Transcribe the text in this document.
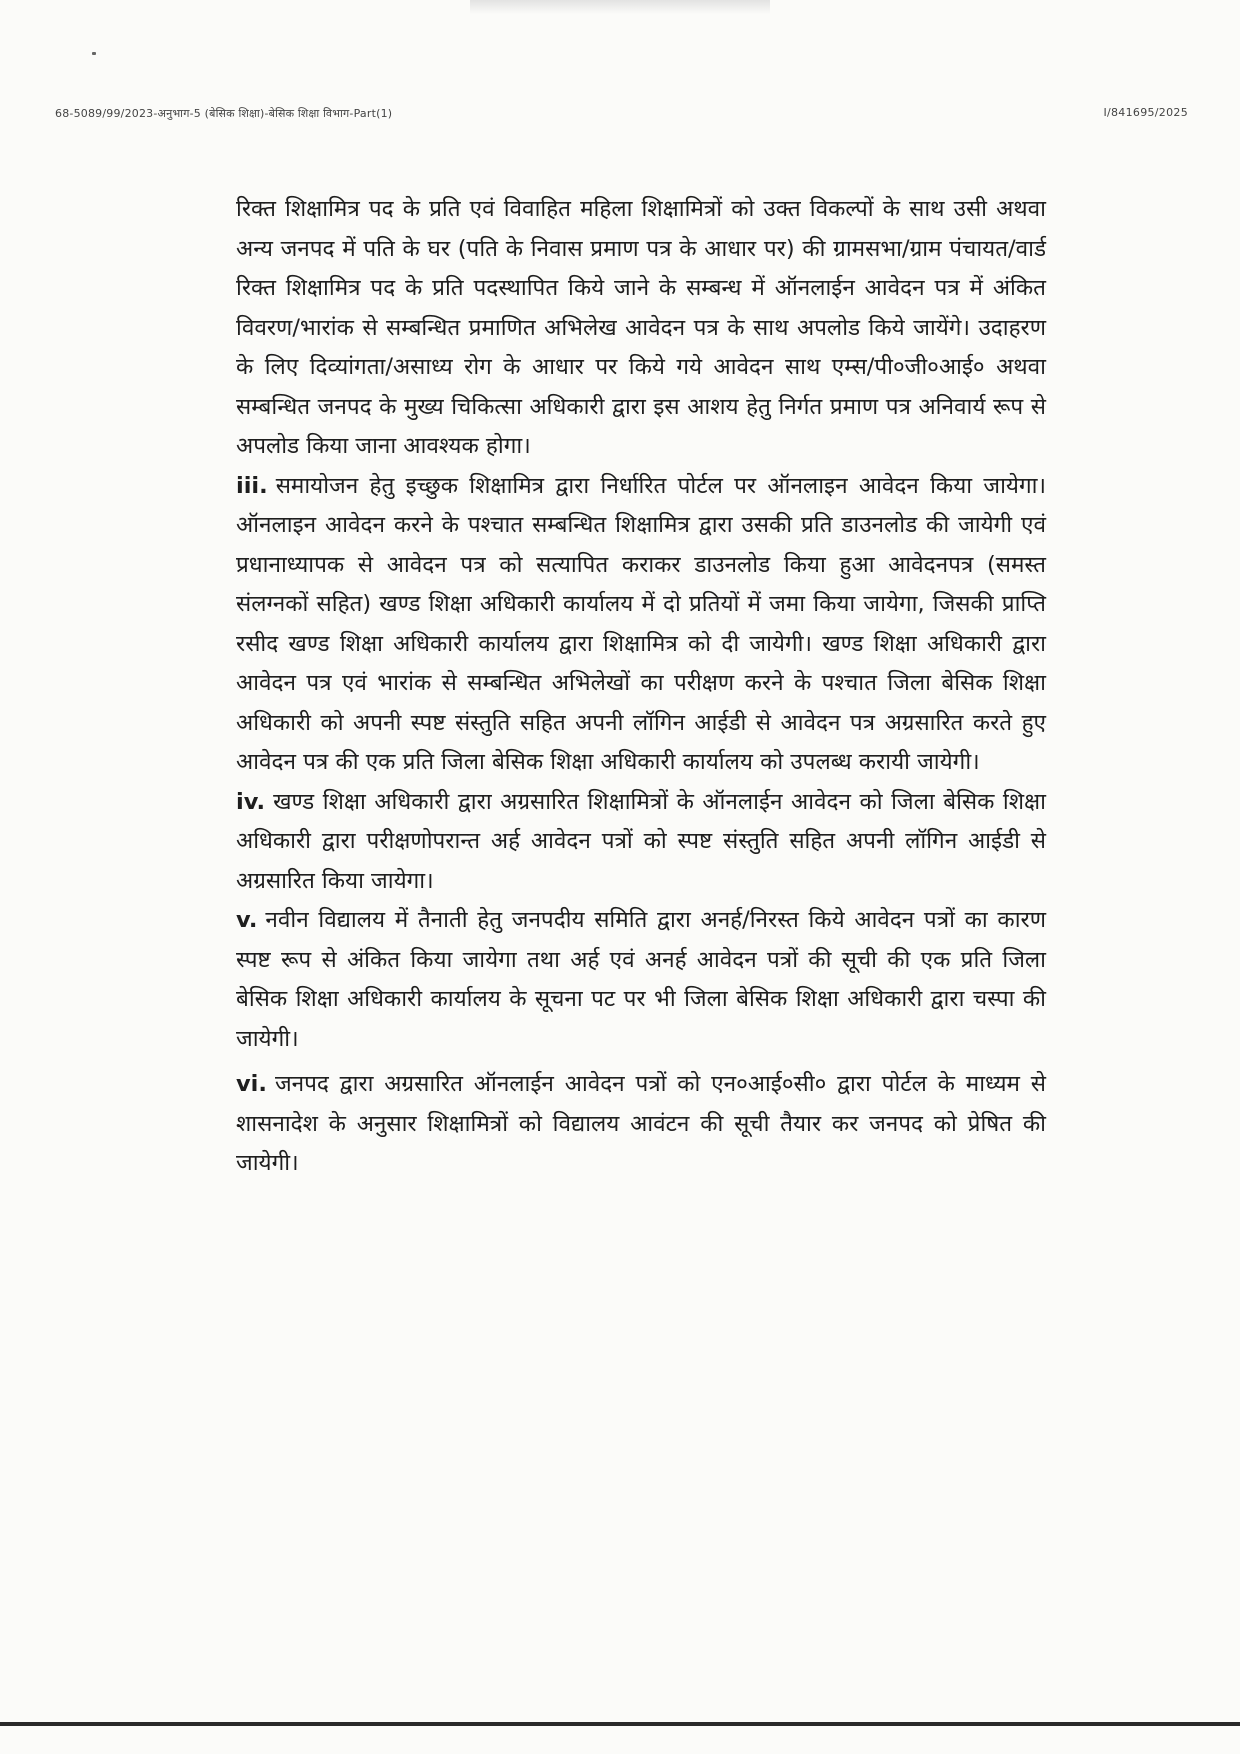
68-5089/99/2023-अनुभाग-5 (बेसिक शिक्षा)-बेसिक शिक्षा विभाग-Part(1)	I/841695/2025

रिक्त शिक्षामित्र पद के प्रति एवं विवाहित महिला शिक्षामित्रों को उक्त विकल्पों के साथ उसी अथवा अन्य जनपद में पति के घर (पति के निवास प्रमाण पत्र के आधार पर) की ग्रामसभा/ग्राम पंचायत/वार्ड रिक्त शिक्षामित्र पद के प्रति पदस्थापित किये जाने के सम्बन्ध में ऑनलाईन आवेदन पत्र में अंकित विवरण/भारांक से सम्बन्धित प्रमाणित अभिलेख आवेदन पत्र के साथ अपलोड किये जायेंगे। उदाहरण के लिए दिव्यांगता/असाध्य रोग के आधार पर किये गये आवेदन साथ एम्स/पी०जी०आई० अथवा सम्बन्धित जनपद के मुख्य चिकित्सा अधिकारी द्वारा इस आशय हेतु निर्गत प्रमाण पत्र अनिवार्य रूप से अपलोड किया जाना आवश्यक होगा।

iii. समायोजन हेतु इच्छुक शिक्षामित्र द्वारा निर्धारित पोर्टल पर ऑनलाइन आवेदन किया जायेगा। ऑनलाइन आवेदन करने के पश्चात सम्बन्धित शिक्षामित्र द्वारा उसकी प्रति डाउनलोड की जायेगी एवं प्रधानाध्यापक से आवेदन पत्र को सत्यापित कराकर डाउनलोड किया हुआ आवेदनपत्र (समस्त संलग्नकों सहित) खण्ड शिक्षा अधिकारी कार्यालय में दो प्रतियों में जमा किया जायेगा, जिसकी प्राप्ति रसीद खण्ड शिक्षा अधिकारी कार्यालय द्वारा शिक्षामित्र को दी जायेगी। खण्ड शिक्षा अधिकारी द्वारा आवेदन पत्र एवं भारांक से सम्बन्धित अभिलेखों का परीक्षण करने के पश्चात जिला बेसिक शिक्षा अधिकारी को अपनी स्पष्ट संस्तुति सहित अपनी लॉगिन आईडी से आवेदन पत्र अग्रसारित करते हुए आवेदन पत्र की एक प्रति जिला बेसिक शिक्षा अधिकारी कार्यालय को उपलब्ध करायी जायेगी।

iv. खण्ड शिक्षा अधिकारी द्वारा अग्रसारित शिक्षामित्रों के ऑनलाईन आवेदन को जिला बेसिक शिक्षा अधिकारी द्वारा परीक्षणोपरान्त अर्ह आवेदन पत्रों को स्पष्ट संस्तुति सहित अपनी लॉगिन आईडी से अग्रसारित किया जायेगा।

v. नवीन विद्यालय में तैनाती हेतु जनपदीय समिति द्वारा अनर्ह/निरस्त किये आवेदन पत्रों का कारण स्पष्ट रूप से अंकित किया जायेगा तथा अर्ह एवं अनर्ह आवेदन पत्रों की सूची की एक प्रति जिला बेसिक शिक्षा अधिकारी कार्यालय के सूचना पट पर भी जिला बेसिक शिक्षा अधिकारी द्वारा चस्पा की जायेगी।

vi. जनपद द्वारा अग्रसारित ऑनलाईन आवेदन पत्रों को एन०आई०सी० द्वारा पोर्टल के माध्यम से शासनादेश के अनुसार शिक्षामित्रों को विद्यालय आवंटन की सूची तैयार कर जनपद को प्रेषित की जायेगी।
